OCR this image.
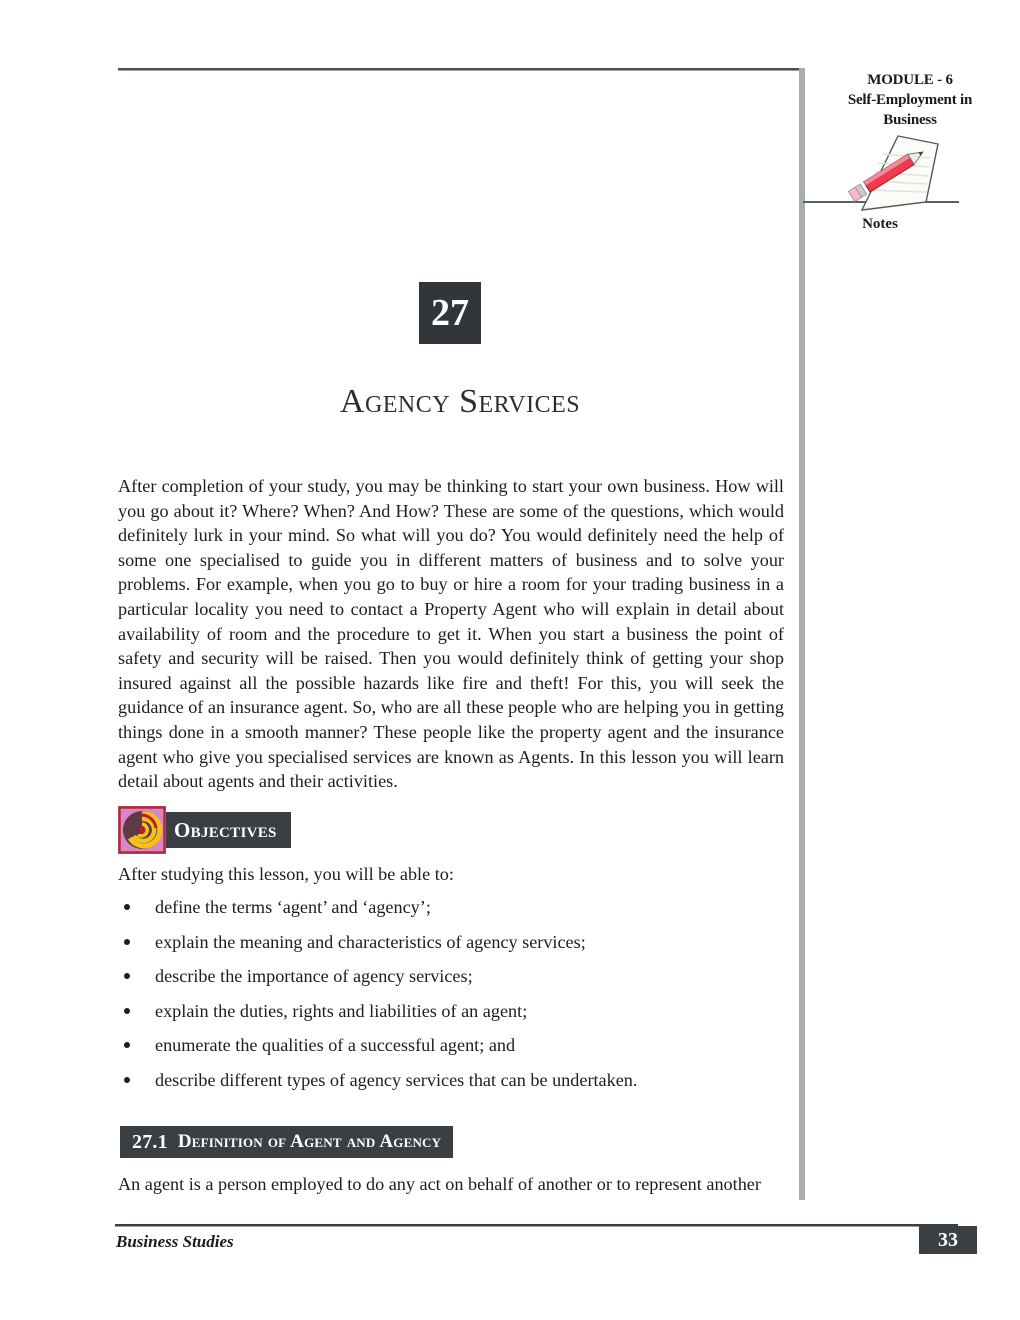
MODULE - 6
Self-Employment in
Business
Notes
27
Agency Services

After completion of your study, you may be thinking to start your own business. How will you go about it? Where? When? And How? These are some of the questions, which would definitely lurk in your mind. So what will you do? You would definitely need the help of some one specialised to guide you in different matters of business and to solve your problems. For example, when you go to buy or hire a room for your trading business in a particular locality you need to contact a Property Agent who will explain in detail about availability of room and the procedure to get it. When you start a business the point of safety and security will be raised. Then you would definitely think of getting your shop insured against all the possible hazards like fire and theft! For this, you will seek the guidance of an insurance agent. So, who are all these people who are helping you in getting things done in a smooth manner? These people like the property agent and the insurance agent who give you specialised services are known as Agents. In this lesson you will learn detail about agents and their activities.

Objectives

After studying this lesson, you will be able to:

define the terms ‘agent’ and ‘agency’;
explain the meaning and characteristics of agency services;
describe the importance of agency services;
explain the duties, rights and liabilities of an agent;
enumerate the qualities of a successful agent; and
describe different types of agency services that can be undertaken.
27.1 Definition of Agent and Agency

An agent is a person employed to do any act on behalf of another or to represent another

Business Studies	33
